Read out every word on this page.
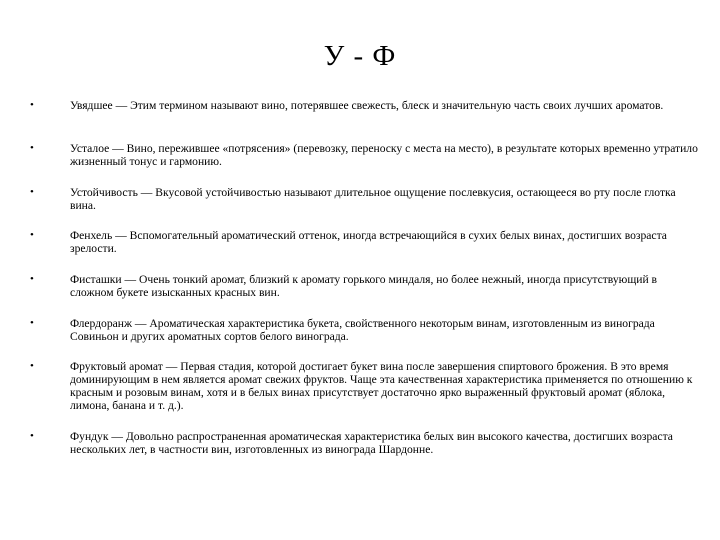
У - Ф
•	Увядшее — Этим термином называют вино, потерявшее свежесть, блеск и значительную часть своих лучших ароматов.
•	Усталое — Вино, пережившее «потрясения» (перевозку, переноску с места на место), в результате которых временно утратило жизненный тонус и гармонию.
•	Устойчивость — Вкусовой устойчивостью называют длительное ощущение послевкусия, остающееся во рту после глотка вина.
•	Фенхель — Вспомогательный ароматический оттенок, иногда встречающийся в сухих белых винах, достигших возраста зрелости.
•	Фисташки — Очень тонкий аромат, близкий к аромату горького миндаля, но более нежный, иногда присутствующий в сложном букете изысканных красных вин.
•	Флердоранж — Ароматическая характеристика букета, свойственного некоторым винам, изготовленным из винограда Совиньон и других ароматных сортов белого винограда.
•	Фруктовый аромат — Первая стадия, которой достигает букет вина после завершения спиртового брожения. В это время доминирующим в нем является аромат свежих фруктов. Чаще эта качественная характеристика применяется по отношению к красным и розовым винам, хотя и в белых винах присутствует достаточно ярко выраженный фруктовый аромат (яблока, лимона, банана и т. д.).
•	Фундук — Довольно распространенная ароматическая характеристика белых вин высокого качества, достигших возраста нескольких лет, в частности вин, изготовленных из винограда Шардонне.
